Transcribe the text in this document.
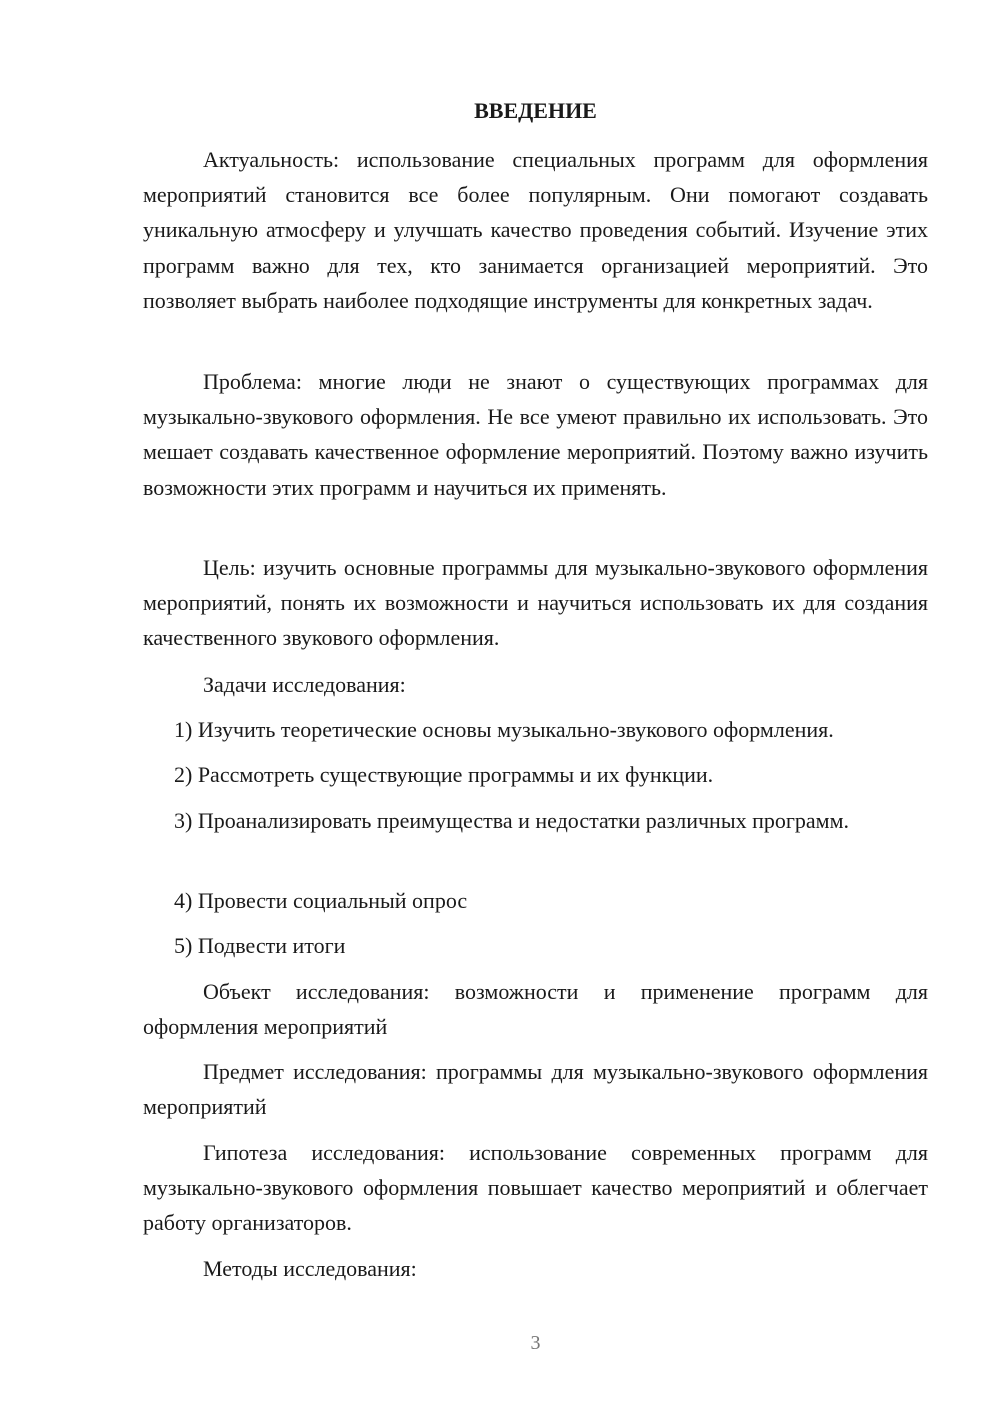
ВВЕДЕНИЕ

Актуальность: использование специальных программ для оформления мероприятий становится все более популярным. Они помогают создавать уникальную атмосферу и улучшать качество проведения событий. Изучение этих программ важно для тех, кто занимается организацией мероприятий. Это позволяет выбрать наиболее подходящие инструменты для конкретных задач.

Проблема: многие люди не знают о существующих программах для музыкально-звукового оформления. Не все умеют правильно их использовать. Это мешает создавать качественное оформление мероприятий. Поэтому важно изучить возможности этих программ и научиться их применять.

Цель: изучить основные программы для музыкально-звукового оформления мероприятий, понять их возможности и научиться использовать их для создания качественного звукового оформления.

Задачи исследования:

1) Изучить теоретические основы музыкально-звукового оформления.

2) Рассмотреть существующие программы и их функции.

3) Проанализировать преимущества и недостатки различных программ.

4) Провести социальный опрос

5) Подвести итоги

Объект исследования: возможности и применение программ для оформления мероприятий

Предмет исследования: программы для музыкально-звукового оформления мероприятий

Гипотеза исследования: использование современных программ для музыкально-звукового оформления повышает качество мероприятий и облегчает работу организаторов.

Методы исследования:

3
